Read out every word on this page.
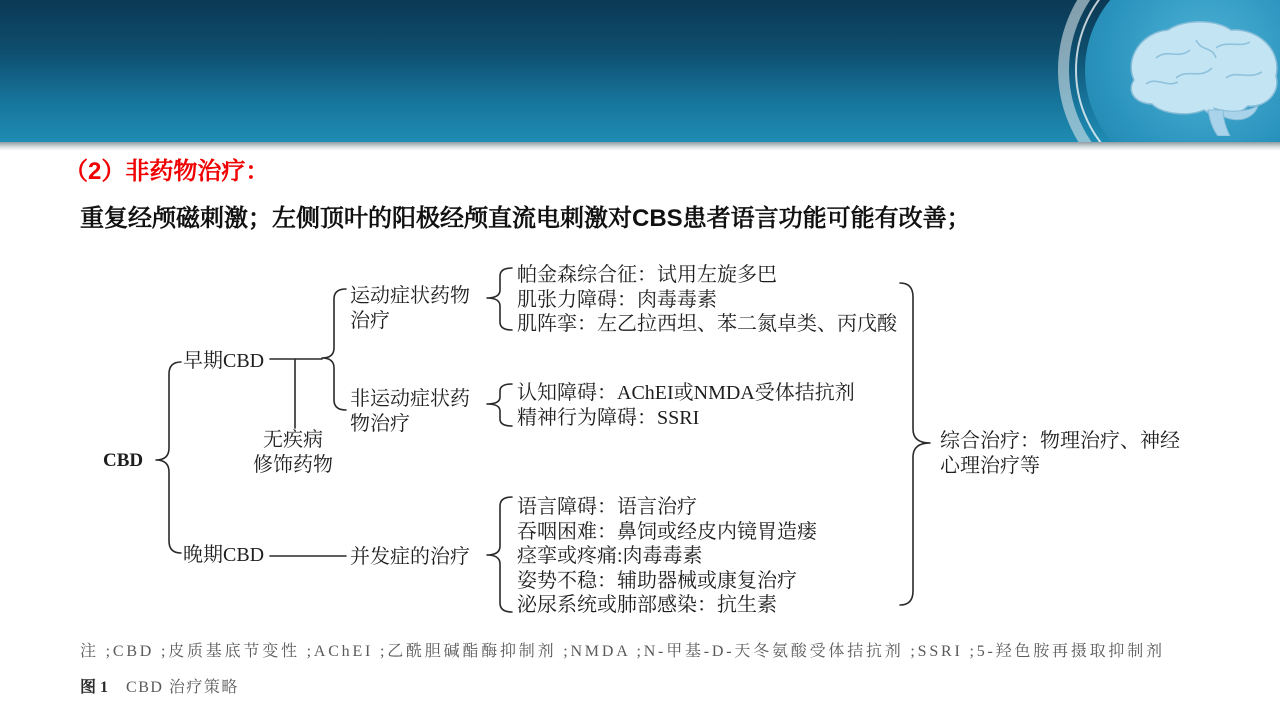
（2）非药物治疗：
重复经颅磁刺激；左侧顶叶的阳极经颅直流电刺激对CBS患者语言功能可能有改善；
CBD
早期CBD
无疾病
修饰药物
运动症状药物
治疗
帕金森综合征：试用左旋多巴
肌张力障碍：肉毒毒素
肌阵挛：左乙拉西坦、苯二氮卓类、丙戊酸
非运动症状药
物治疗
认知障碍：AChEI或NMDA受体拮抗剂
精神行为障碍：SSRI
晚期CBD	并发症的治疗
语言障碍：语言治疗
吞咽困难：鼻饲或经皮内镜胃造瘘
痉挛或疼痛:肉毒毒素
姿势不稳：辅助器械或康复治疗
泌尿系统或肺部感染：抗生素
综合治疗：物理治疗、神经
心理治疗等
注 ;CBD ;皮质基底节变性 ;AChEI ;乙酰胆碱酯酶抑制剂 ;NMDA ;N-甲基-D-天冬氨酸受体拮抗剂 ;SSRI ;5-羟色胺再摄取抑制剂
图 1 CBD 治疗策略
